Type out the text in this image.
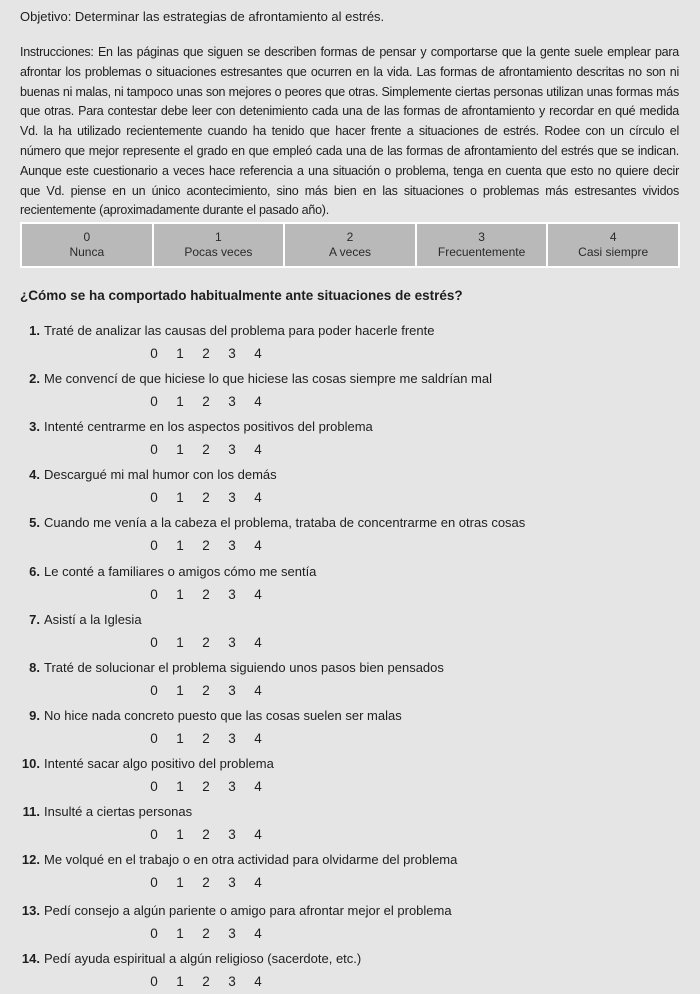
Objetivo: Determinar las estrategias de afrontamiento al estrés.
Instrucciones: En las páginas que siguen se describen formas de pensar y comportarse que la gente suele emplear para afrontar los problemas o situaciones estresantes que ocurren en la vida. Las formas de afrontamiento descritas no son ni buenas ni malas, ni tampoco unas son mejores o peores que otras. Simplemente ciertas personas utilizan unas formas más que otras. Para contestar debe leer con detenimiento cada una de las formas de afrontamiento y recordar en qué medida Vd. la ha utilizado recientemente cuando ha tenido que hacer frente a situaciones de estrés. Rodee con un círculo el número que mejor represente el grado en que empleó cada una de las formas de afrontamiento del estrés que se indican. Aunque este cuestionario a veces hace referencia a una situación o problema, tenga en cuenta que esto no quiere decir que Vd. piense en un único acontecimiento, sino más bien en las situaciones o problemas más estresantes vividos recientemente (aproximadamente durante el pasado año).
0
Nunca
1
Pocas veces
2
A veces
3
Frecuentemente
4
Casi siempre
¿Cómo se ha comportado habitualmente ante situaciones de estrés?
1. Traté de analizar las causas del problema para poder hacerle frente
0	1	2	3	4
2. Me convencí de que hiciese lo que hiciese las cosas siempre me saldrían mal
0	1	2	3	4
3. Intenté centrarme en los aspectos positivos del problema
0	1	2	3	4
4. Descargué mi mal humor con los demás
0	1	2	3	4
5. Cuando me venía a la cabeza el problema, trataba de concentrarme en otras cosas
0	1	2	3	4
6. Le conté a familiares o amigos cómo me sentía
0	1	2	3	4
7. Asistí a la Iglesia
0	1	2	3	4
8. Traté de solucionar el problema siguiendo unos pasos bien pensados
0	1	2	3	4
9. No hice nada concreto puesto que las cosas suelen ser malas
0	1	2	3	4
10. Intenté sacar algo positivo del problema
0	1	2	3	4
11. Insulté a ciertas personas
0	1	2	3	4
12. Me volqué en el trabajo o en otra actividad para olvidarme del problema
0	1	2	3	4
13. Pedí consejo a algún pariente o amigo para afrontar mejor el problema
0	1	2	3	4
14. Pedí ayuda espiritual a algún religioso (sacerdote, etc.)
0	1	2	3	4
